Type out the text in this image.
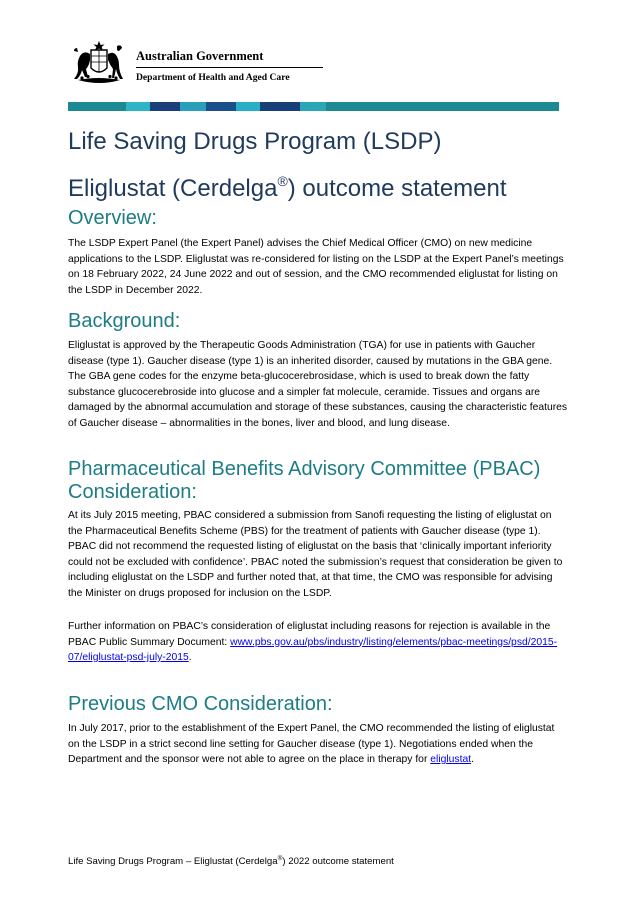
Australian Government
Department of Health and Aged Care
Life Saving Drugs Program (LSDP)
Eliglustat (Cerdelga®) outcome statement
Overview:

The LSDP Expert Panel (the Expert Panel) advises the Chief Medical Officer (CMO) on new medicine applications to the LSDP. Eliglustat was re-considered for listing on the LSDP at the Expert Panel’s meetings on 18 February 2022, 24 June 2022 and out of session, and the CMO recommended eliglustat for listing on the LSDP in December 2022.

Background:

Eliglustat is approved by the Therapeutic Goods Administration (TGA) for use in patients with Gaucher disease (type 1). Gaucher disease (type 1) is an inherited disorder, caused by mutations in the GBA gene. The GBA gene codes for the enzyme beta-glucocerebrosidase, which is used to break down the fatty substance glucocerebroside into glucose and a simpler fat molecule, ceramide. Tissues and organs are damaged by the abnormal accumulation and storage of these substances, causing the characteristic features of Gaucher disease – abnormalities in the bones, liver and blood, and lung disease.

Pharmaceutical Benefits Advisory Committee (PBAC) Consideration:

At its July 2015 meeting, PBAC considered a submission from Sanofi requesting the listing of eliglustat on the Pharmaceutical Benefits Scheme (PBS) for the treatment of patients with Gaucher disease (type 1). PBAC did not recommend the requested listing of eliglustat on the basis that ‘clinically important inferiority could not be excluded with confidence’. PBAC noted the submission’s request that consideration be given to including eliglustat on the LSDP and further noted that, at that time, the CMO was responsible for advising the Minister on drugs proposed for inclusion on the LSDP.

Further information on PBAC’s consideration of eliglustat including reasons for rejection is available in the PBAC Public Summary Document: www.pbs.gov.au/pbs/industry/listing/elements/pbac-meetings/psd/2015-07/eliglustat-psd-july-2015.

Previous CMO Consideration:

In July 2017, prior to the establishment of the Expert Panel, the CMO recommended the listing of eliglustat on the LSDP in a strict second line setting for Gaucher disease (type 1). Negotiations ended when the Department and the sponsor were not able to agree on the place in therapy for eliglustat.

Life Saving Drugs Program – Eliglustat (Cerdelga®) 2022 outcome statement
